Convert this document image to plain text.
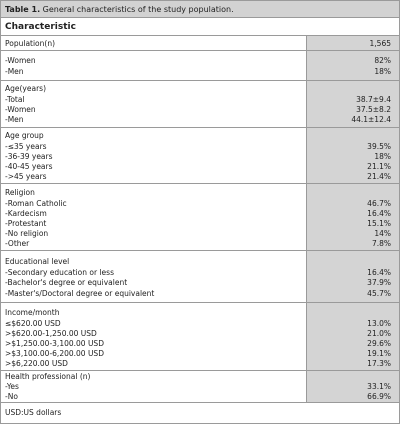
Table 1. General characteristics of the study population.
Characteristic
Population(n)	1,565
-Women	82%
-Men	18%
Age(years)
-Total	38.7±9.4
-Women	37.5±8.2
-Men	44.1±12.4
Age group
-≤35 years	39.5%
-36-39 years	18%
-40-45 years	21.1%
->45 years	21.4%
Religion
-Roman Catholic	46.7%
-Kardecism	16.4%
-Protestant	15.1%
-No religion	14%
-Other	7.8%
Educational level
-Secondary education or less	16.4%
-Bachelor's degree or equivalent	37.9%
-Master's/Doctoral degree or equivalent	45.7%
Income/month
≤$620.00 USD	13.0%
>$620.00-1,250.00 USD	21.0%
>$1,250.00-3,100.00 USD	29.6%
>$3,100.00-6,200.00 USD	19.1%
>$6,220.00 USD	17.3%
Health professional (n)
-Yes	33.1%
-No	66.9%
USD:US dollars
